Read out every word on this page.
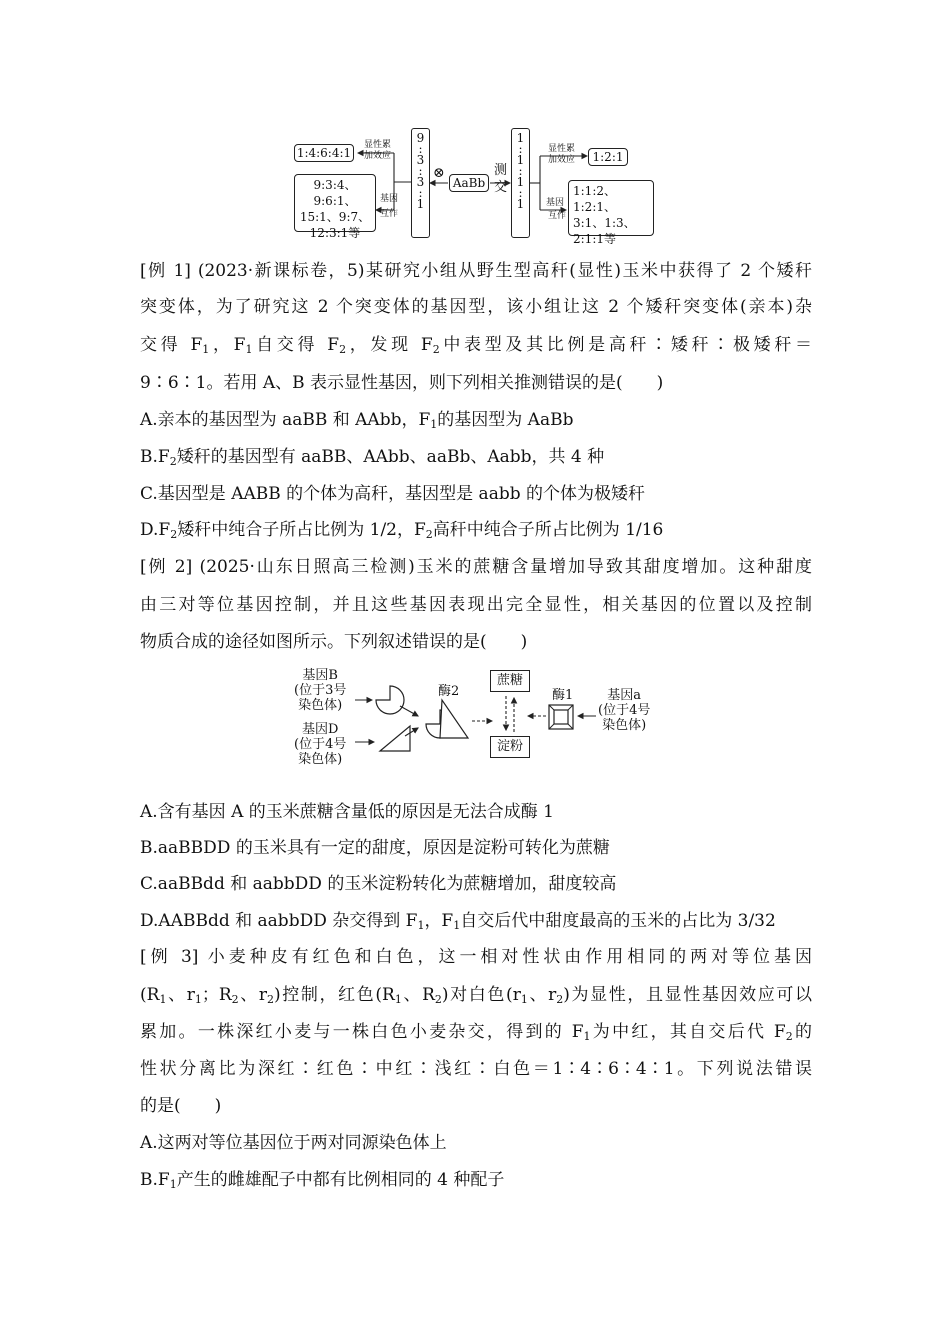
1:4:6:4:1
显性累
加效应
9:3:4、9:6:1、
15:1、9:7、
12:3:1等
基因
互作
9
:
3
:
3
:
1
⊗
AaBb
测
交
1
:
1
:
1
:
1
显性累
加效应	1:2:1
基因
互作
1:1:2、1:2:1、
3:1、1:3、
2:1:1等
[例 1] (2023·新课标卷，5)某研究小组从野生型高秆(显性)玉米中获得了 2 个矮秆
突变体，为了研究这 2 个突变体的基因型，该小组让这 2 个矮秆突变体(亲本)杂
交得 $F_1$，$F_1$自交得 $F_2$，发现 $F_2$中表型及其比例是高秆∶矮秆∶极矮秆＝
9∶6∶1。若用 A、B 表示显性基因，则下列相关推测错误的是(　　)
A.亲本的基因型为 aaBB 和 AAbb，$F_1$的基因型为 AaBb
$B.F_2$矮秆的基因型有 aaBB、AAbb、aaBb、Aabb，共 4 种
C.基因型是 AABB 的个体为高秆，基因型是 aabb 的个体为极矮秆
$D.F_2$矮秆中纯合子所占比例为 1/2，$F_2$高秆中纯合子所占比例为 1/16
[例 2] (2025·山东日照高三检测)玉米的蔗糖含量增加导致其甜度增加。这种甜度
由三对等位基因控制，并且这些基因表现出完全显性，相关基因的位置以及控制
物质合成的途径如图所示。下列叙述错误的是(　　)
基因B
(位于3号
染色体)
基因D
(位于4号
染色体)
酶2
蔗糖
淀粉
酶1	基因a
(位于4号
染色体)
A.含有基因 A 的玉米蔗糖含量低的原因是无法合成酶 1
B.aaBBDD 的玉米具有一定的甜度，原因是淀粉可转化为蔗糖
C.aaBBdd 和 aabbDD 的玉米淀粉转化为蔗糖增加，甜度较高
D.AABBdd 和 aabbDD 杂交得到 $F_1$，$F_1$自交后代中甜度最高的玉米的占比为 3/32
[例 3] 小麦种皮有红色和白色，这一相对性状由作用相同的两对等位基因
($R_1$、$r_1$；$R_2$、$r_2$)控制，红色($R_1$、$R_2$)对白色($r_1$、$r_2$)为显性，且显性基因效应可以
累加。一株深红小麦与一株白色小麦杂交，得到的 $F_1$为中红，其自交后代 $F_2$的
性状分离比为深红∶红色∶中红∶浅红∶白色＝1∶4∶6∶4∶1。下列说法错误
的是(　　)
A.这两对等位基因位于两对同源染色体上
$B.F_1$产生的雌雄配子中都有比例相同的 4 种配子
